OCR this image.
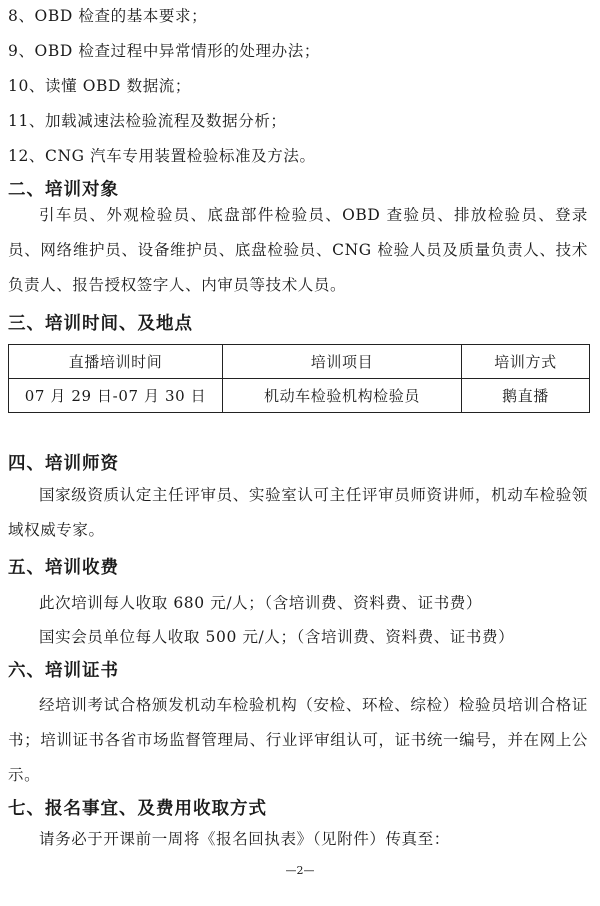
8、OBD 检查的基本要求；
9、OBD 检查过程中异常情形的处理办法；
10、读懂 OBD 数据流；
11、加载减速法检验流程及数据分析；
12、CNG 汽车专用装置检验标准及方法。
二、培训对象
引车员、外观检验员、底盘部件检验员、OBD 查验员、排放检验员、登录员、网络维护员、设备维护员、底盘检验员、CNG 检验人员及质量负责人、技术负责人、报告授权签字人、内审员等技术人员。
三、培训时间、及地点
直播培训时间	培训项目	培训方式
07 月 29 日-07 月 30 日	机动车检验机构检验员	鹅直播
四、培训师资
国家级资质认定主任评审员、实验室认可主任评审员师资讲师，机动车检验领域权威专家。
五、培训收费
此次培训每人收取 680 元/人；（含培训费、资料费、证书费）
国实会员单位每人收取 500 元/人；（含培训费、资料费、证书费）
六、培训证书
经培训考试合格颁发机动车检验机构（安检、环检、综检）检验员培训合格证书；培训证书各省市场监督管理局、行业评审组认可，证书统一编号，并在网上公示。
七、报名事宜、及费用收取方式
请务必于开课前一周将《报名回执表》（见附件）传真至：
—2—
